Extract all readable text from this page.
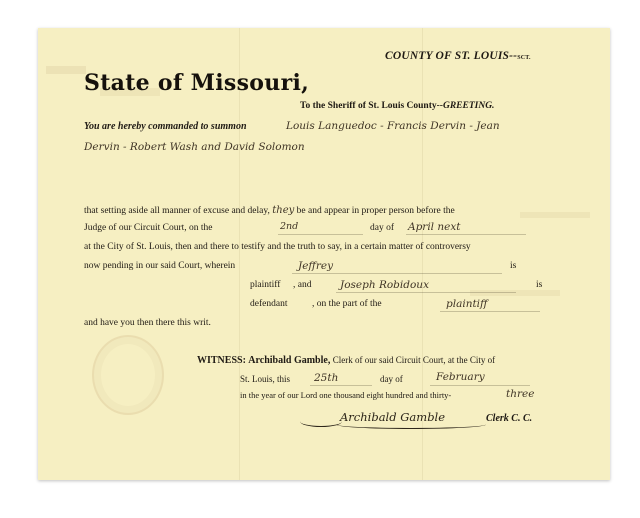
COUNTY OF ST. LOUIS--SCT.
State of Missouri,
To the Sheriff of St. Louis County--GREETING.
You are hereby commanded to summon	Louis Languedoc - Francis Dervin - Jean
Dervin - Robert Wash and David Solomon
that setting aside all manner of excuse and delay, they be and appear in proper person before the
Judge of our Circuit Court, on the	2nd	day of April next
at the City of St. Louis, then and there to testify and the truth to say, in a certain matter of controversy
now pending in our said Court, wherein	Jeffrey	is
plaintiff , and	Joseph Robidoux	is
defendant	, on the part of the	plaintiff
and have you then there this writ.
WITNESS: Archibald Gamble, Clerk of our said Circuit Court, at the City of
St. Louis, this 25th	day of	February
in the year of our Lord one thousand eight hundred and thirty-	three
Archibald Gamble	Clerk C. C.
